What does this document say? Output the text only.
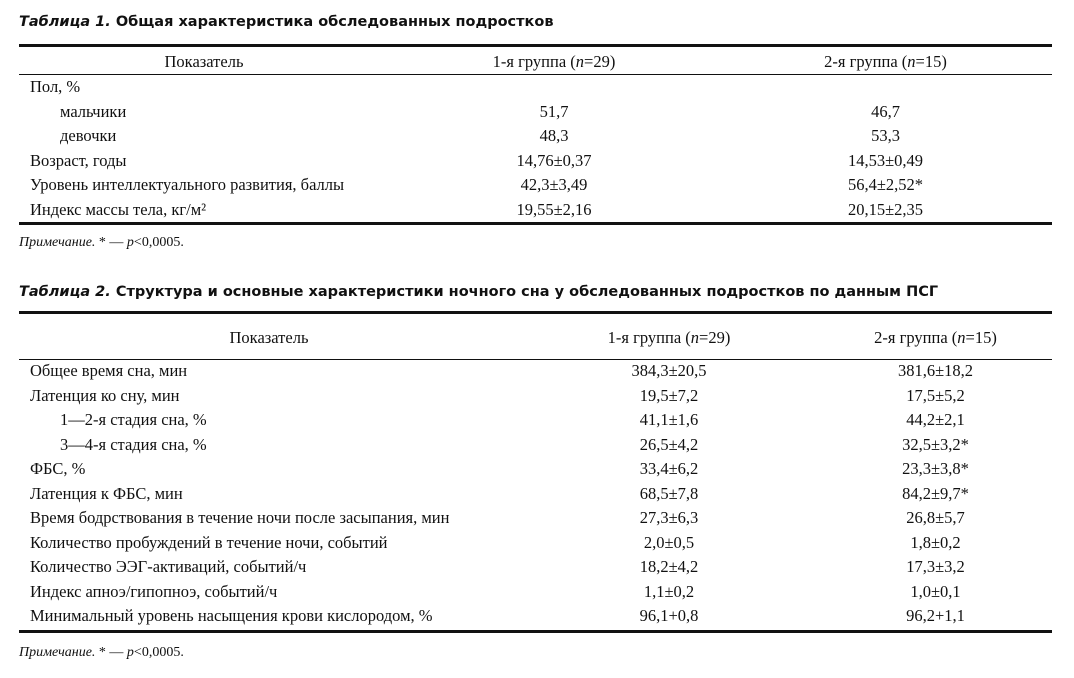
Таблица 1. Общая характеристика обследованных подростков
Показатель	1-я группа (n=29)	2-я группа (n=15)
Пол, %
мальчики	51,7	46,7
девочки	48,3	53,3
Возраст, годы	14,76±0,37	14,53±0,49
Уровень интеллектуального развития, баллы	42,3±3,49	56,4±2,52*
Индекс массы тела, кг/м²	19,55±2,16	20,15±2,35
Примечание. * — p<0,0005.
Таблица 2. Структура и основные характеристики ночного сна у обследованных подростков по данным ПСГ
Показатель	1-я группа (n=29)	2-я группа (n=15)
Общее время сна, мин	384,3±20,5	381,6±18,2
Латенция ко сну, мин	19,5±7,2	17,5±5,2
1—2-я стадия сна, %	41,1±1,6	44,2±2,1
3—4-я стадия сна, %	26,5±4,2	32,5±3,2*
ФБС, %	33,4±6,2	23,3±3,8*
Латенция к ФБС, мин	68,5±7,8	84,2±9,7*
Время бодрствования в течение ночи после засыпания, мин	27,3±6,3	26,8±5,7
Количество пробуждений в течение ночи, событий	2,0±0,5	1,8±0,2
Количество ЭЭГ-активаций, событий/ч	18,2±4,2	17,3±3,2
Индекс апноэ/гипопноэ, событий/ч	1,1±0,2	1,0±0,1
Минимальный уровень насыщения крови кислородом, %	96,1+0,8	96,2+1,1
Примечание. * — p<0,0005.
